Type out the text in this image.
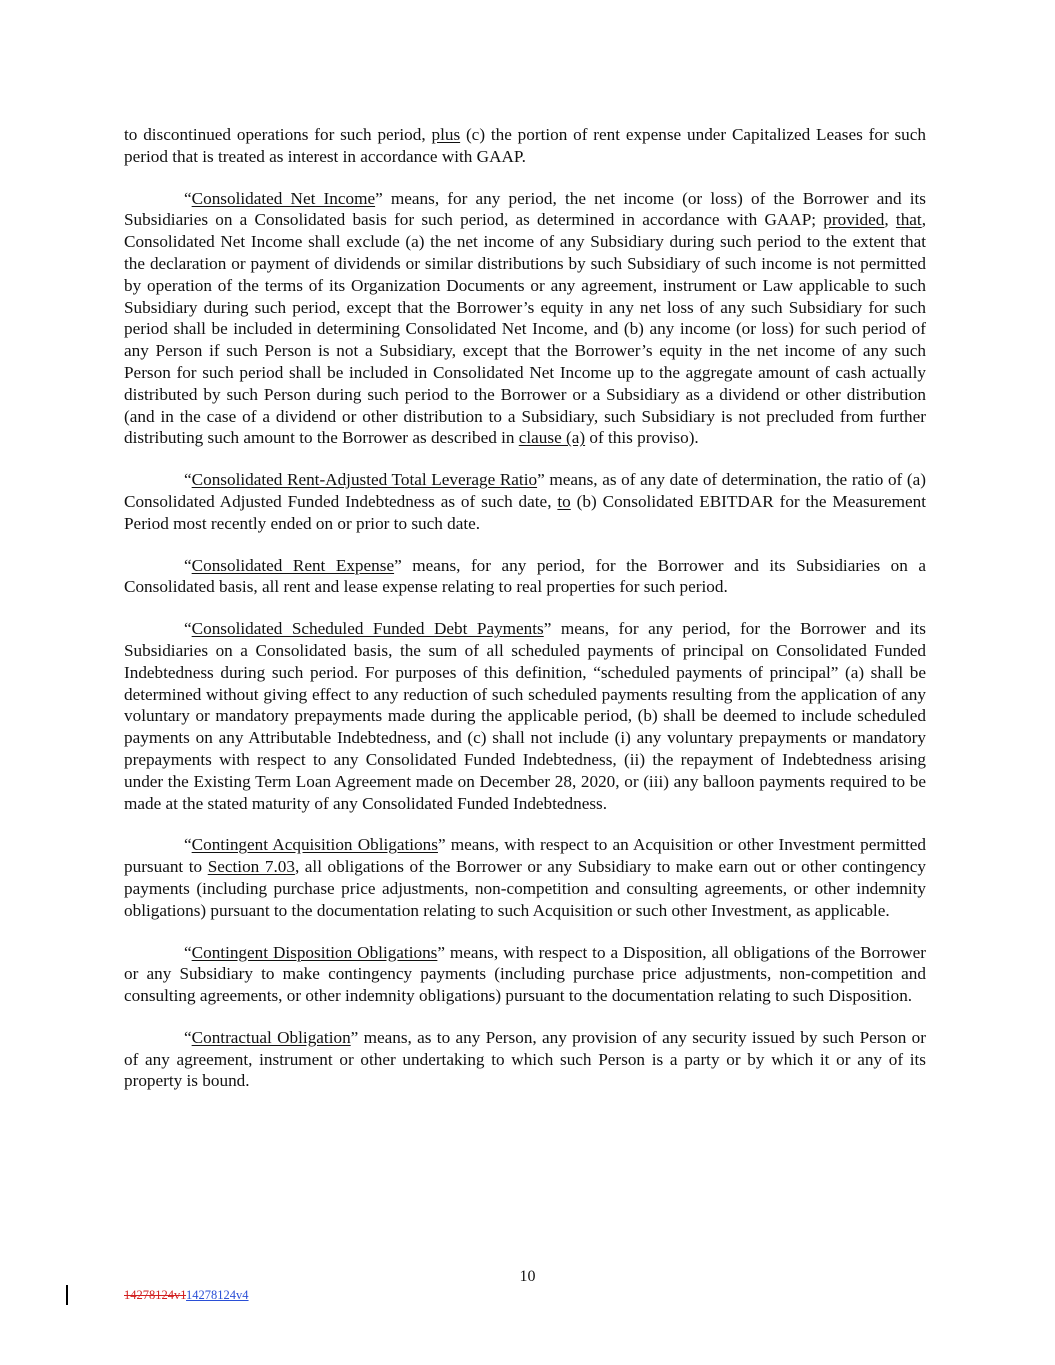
to discontinued operations for such period, plus (c) the portion of rent expense under Capitalized Leases for such period that is treated as interest in accordance with GAAP.

“Consolidated Net Income” means, for any period, the net income (or loss) of the Borrower and its Subsidiaries on a Consolidated basis for such period, as determined in accordance with GAAP; provided, that, Consolidated Net Income shall exclude (a) the net income of any Subsidiary during such period to the extent that the declaration or payment of dividends or similar distributions by such Subsidiary of such income is not permitted by operation of the terms of its Organization Documents or any agreement, instrument or Law applicable to such Subsidiary during such period, except that the Borrower’s equity in any net loss of any such Subsidiary for such period shall be included in determining Consolidated Net Income, and (b) any income (or loss) for such period of any Person if such Person is not a Subsidiary, except that the Borrower’s equity in the net income of any such Person for such period shall be included in Consolidated Net Income up to the aggregate amount of cash actually distributed by such Person during such period to the Borrower or a Subsidiary as a dividend or other distribution (and in the case of a dividend or other distribution to a Subsidiary, such Subsidiary is not precluded from further distributing such amount to the Borrower as described in clause (a) of this proviso).

“Consolidated Rent-Adjusted Total Leverage Ratio” means, as of any date of determination, the ratio of (a) Consolidated Adjusted Funded Indebtedness as of such date, to (b) Consolidated EBITDAR for the Measurement Period most recently ended on or prior to such date.

“Consolidated Rent Expense” means, for any period, for the Borrower and its Subsidiaries on a Consolidated basis, all rent and lease expense relating to real properties for such period.

“Consolidated Scheduled Funded Debt Payments” means, for any period, for the Borrower and its Subsidiaries on a Consolidated basis, the sum of all scheduled payments of principal on Consolidated Funded Indebtedness during such period. For purposes of this definition, “scheduled payments of principal” (a) shall be determined without giving effect to any reduction of such scheduled payments resulting from the application of any voluntary or mandatory prepayments made during the applicable period, (b) shall be deemed to include scheduled payments on any Attributable Indebtedness, and (c) shall not include (i) any voluntary prepayments or mandatory prepayments with respect to any Consolidated Funded Indebtedness, (ii) the repayment of Indebtedness arising under the Existing Term Loan Agreement made on December 28, 2020, or (iii) any balloon payments required to be made at the stated maturity of any Consolidated Funded Indebtedness.

“Contingent Acquisition Obligations” means, with respect to an Acquisition or other Investment permitted pursuant to Section 7.03, all obligations of the Borrower or any Subsidiary to make earn out or other contingency payments (including purchase price adjustments, non-competition and consulting agreements, or other indemnity obligations) pursuant to the documentation relating to such Acquisition or such other Investment, as applicable.

“Contingent Disposition Obligations” means, with respect to a Disposition, all obligations of the Borrower or any Subsidiary to make contingency payments (including purchase price adjustments, non-competition and consulting agreements, or other indemnity obligations) pursuant to the documentation relating to such Disposition.

“Contractual Obligation” means, as to any Person, any provision of any security issued by such Person or of any agreement, instrument or other undertaking to which such Person is a party or by which it or any of its property is bound.

10
14278124v114278124v4
